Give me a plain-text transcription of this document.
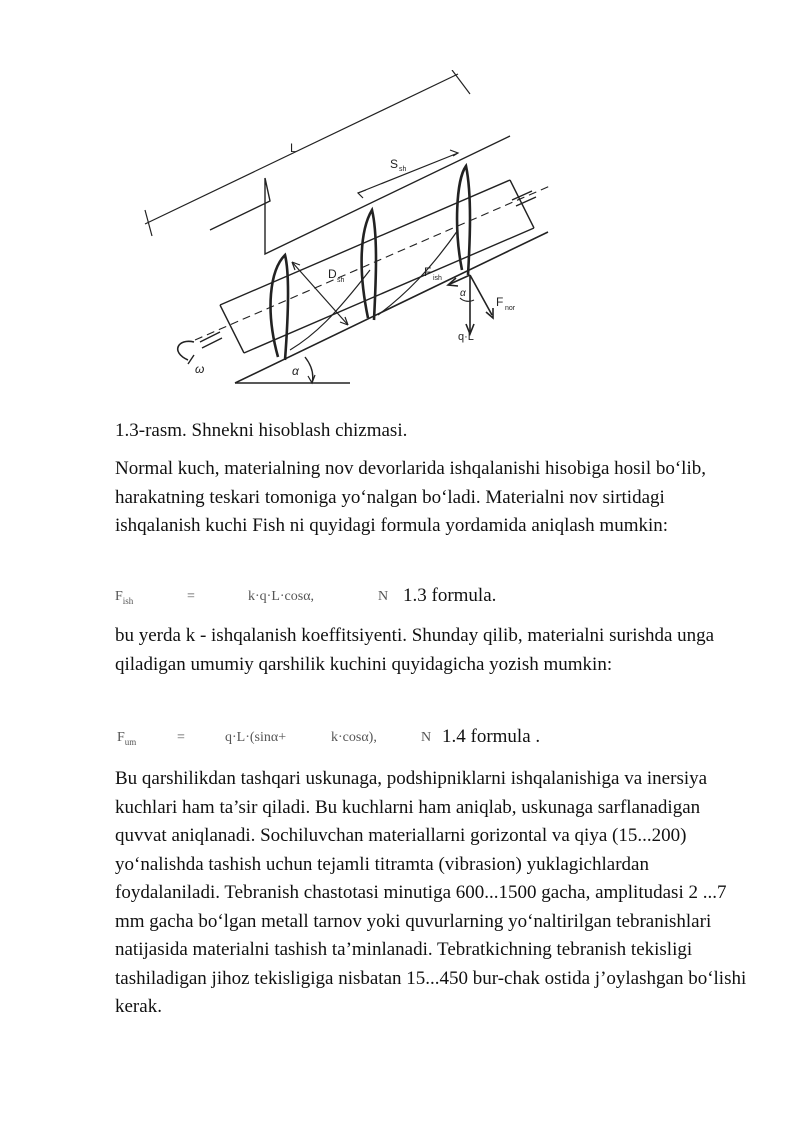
L
S sh
D sh
F ish
F nor
q·L
α
α
ω
1.3-rasm. Shnekni hisoblash chizmasi.

Normal kuch, materialning nov devorlarida ishqalanishi hisobiga hosil bo‘lib, harakatning teskari tomoniga yo‘nalgan bo‘ladi. Materialni nov sirtidagi ishqalanish kuchi Fish ni quyidagi formula yordamida aniqlash mumkin:

$F_{ish}$	=	k·q·L·cosα,	N 1.3 formula.

bu yerda k - ishqalanish koeffitsiyenti. Shunday qilib, materialni surishda unga qiladigan umumiy qarshilik kuchini quyidagicha yozish mumkin:

$F_{um}$	=	q·L·(sinα+	k·cosα),	N 1.4 formula .

Bu qarshilikdan tashqari uskunaga, podshipniklarni ishqalanishiga va inersiya kuchlari ham ta’sir qiladi. Bu kuchlarni ham aniqlab, uskunaga sarflanadigan quvvat aniqlanadi. Sochiluvchan materiallarni gorizontal va qiya (15...200) yo‘nalishda tashish uchun tejamli titramta (vibrasion) yuklagichlardan foydalaniladi. Tebranish chastotasi minutiga 600...1500 gacha, amplitudasi 2 ...7 mm gacha bo‘lgan metall tarnov yoki quvurlarning yo‘naltirilgan tebranishlari natijasida materialni tashish ta’minlanadi. Tebratkichning tebranish tekisligi tashiladigan jihoz tekisligiga nisbatan 15...450 bur-chak ostida j’oylashgan bo‘lishi kerak.
